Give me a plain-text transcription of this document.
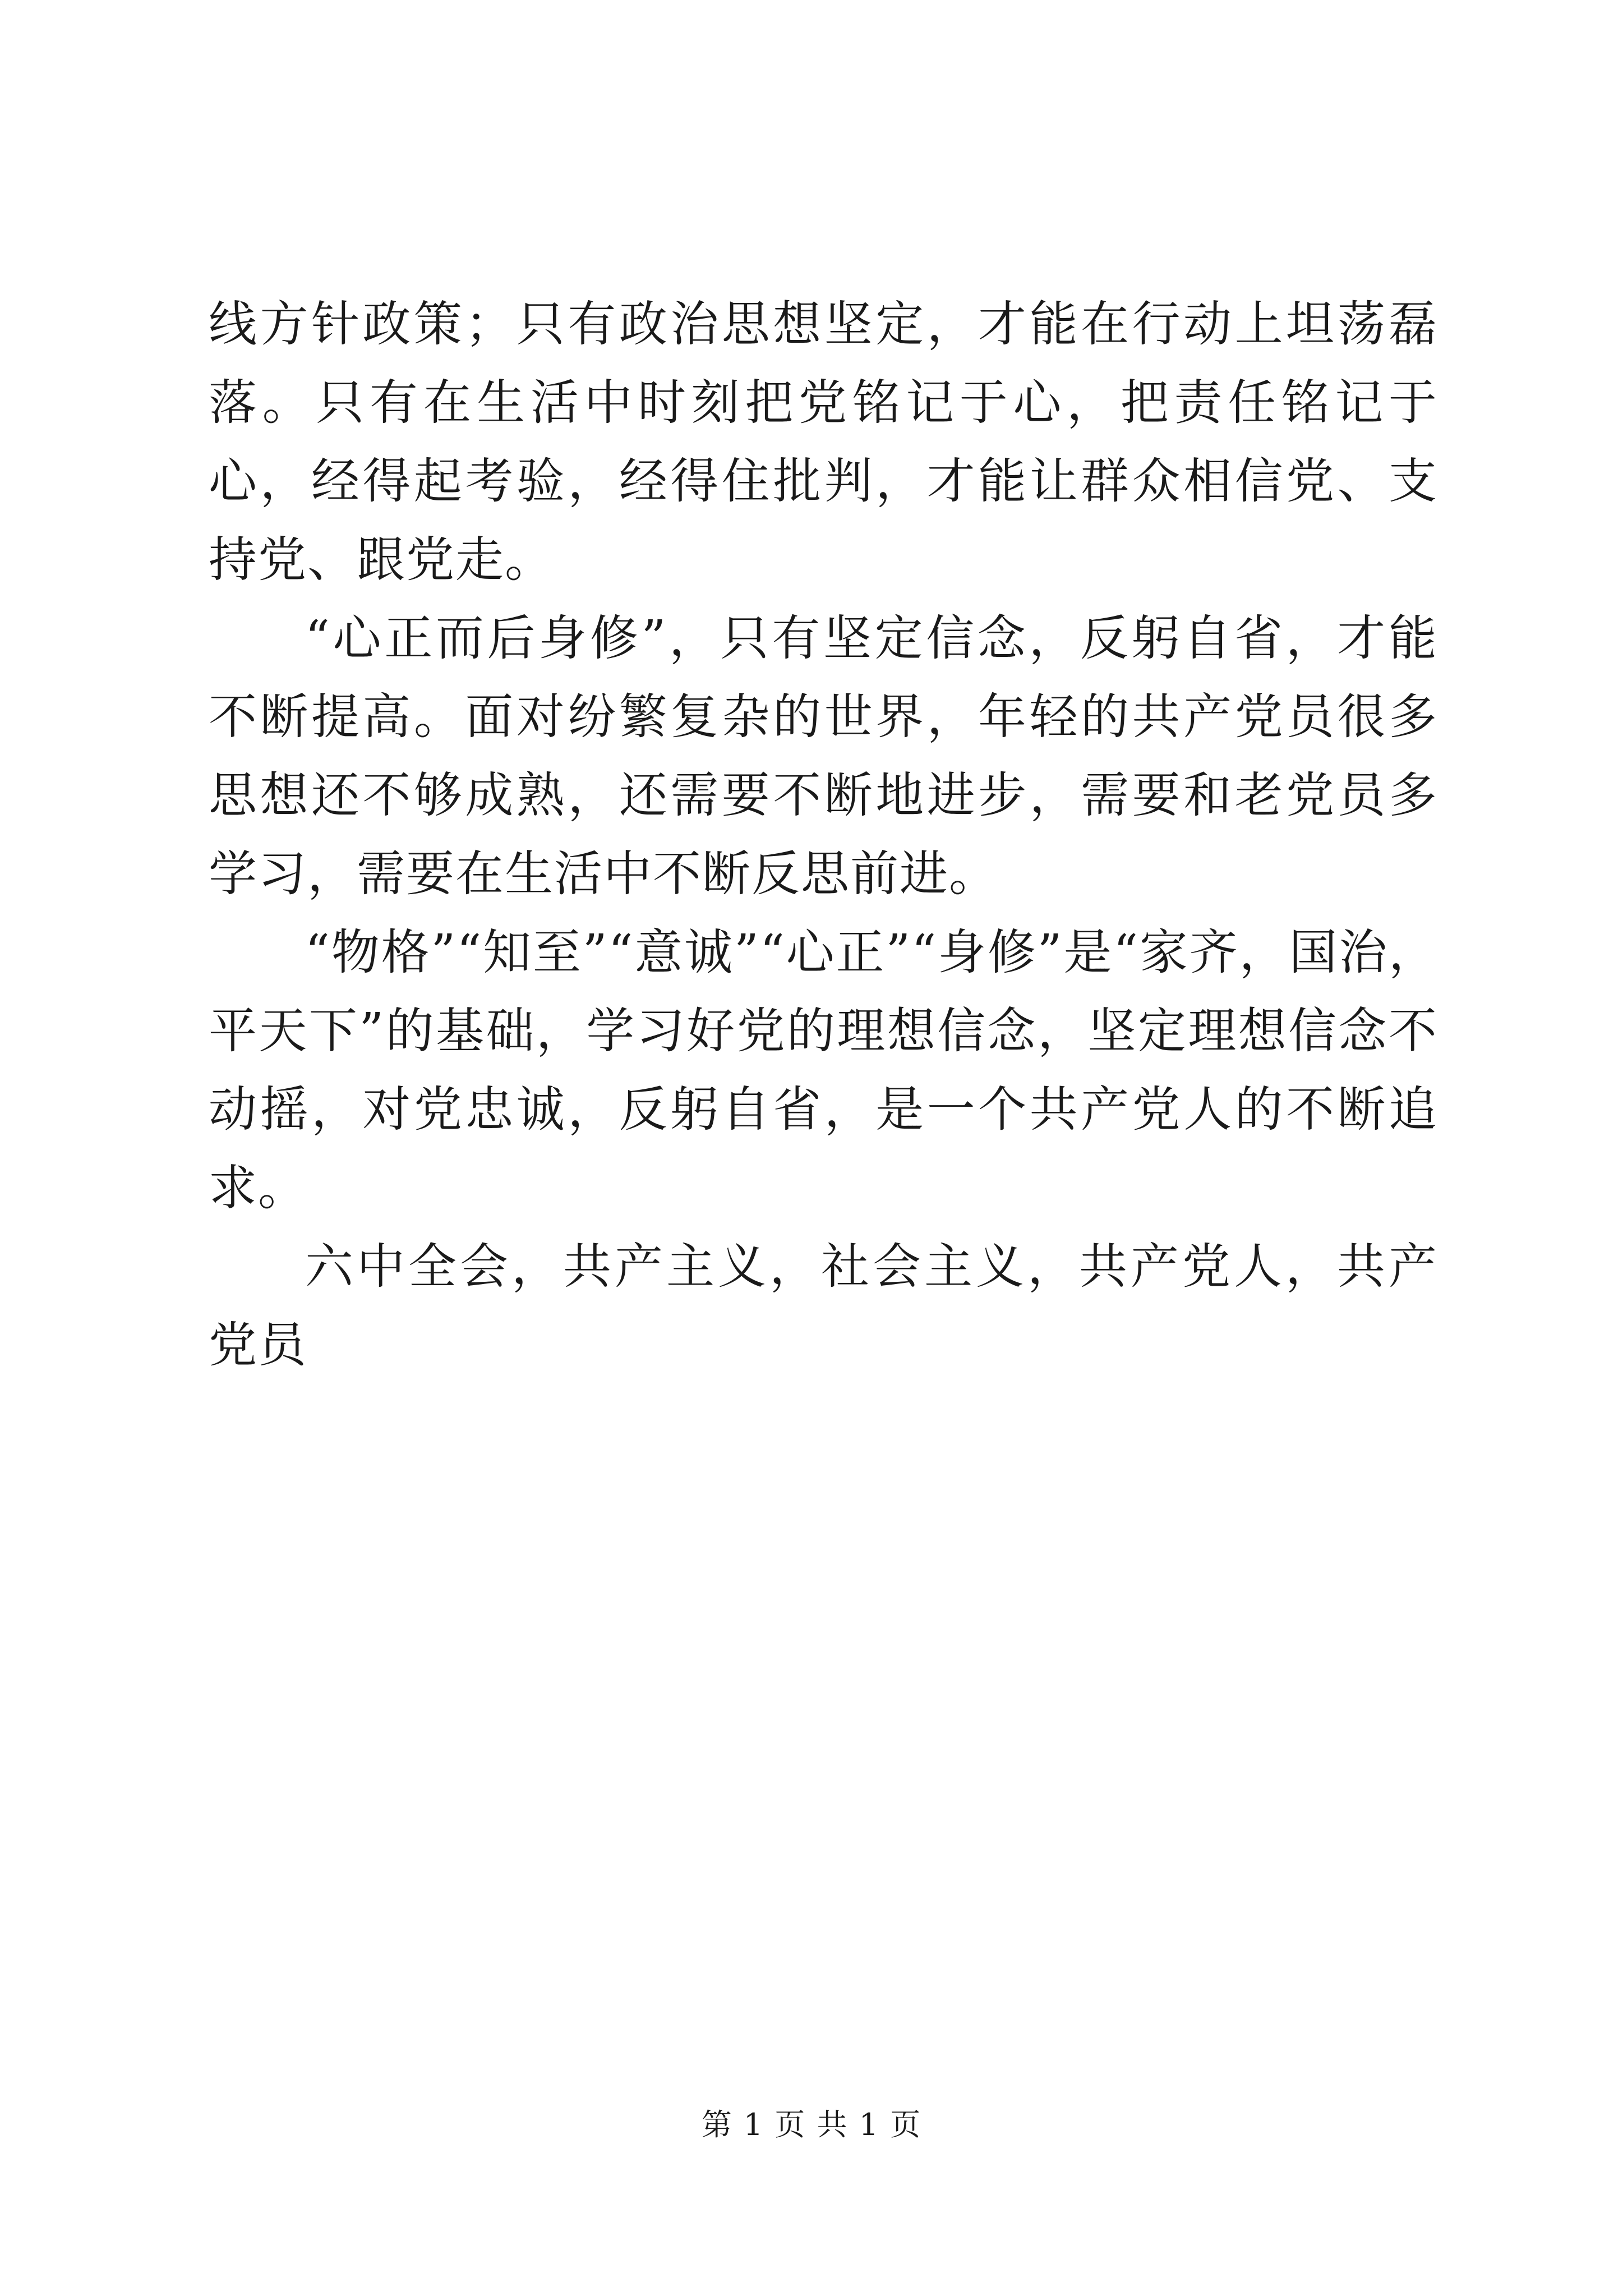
线方针政策；只有政治思想坚定，才能在行动上坦荡磊落。只有在生活中时刻把党铭记于心，把责任铭记于心，经得起考验，经得住批判，才能让群众相信党、支持党、跟党走。

“心正而后身修”，只有坚定信念，反躬自省，才能不断提高。面对纷繁复杂的世界，年轻的共产党员很多思想还不够成熟，还需要不断地进步，需要和老党员多学习，需要在生活中不断反思前进。

“物格”“知至”“意诚”“心正”“身修”是“家齐，国治，平天下”的基础，学习好党的理想信念，坚定理想信念不动摇，对党忠诚，反躬自省，是一个共产党人的不断追求。

六中全会，共产主义，社会主义，共产党人，共产党员

第 1 页 共 1 页
